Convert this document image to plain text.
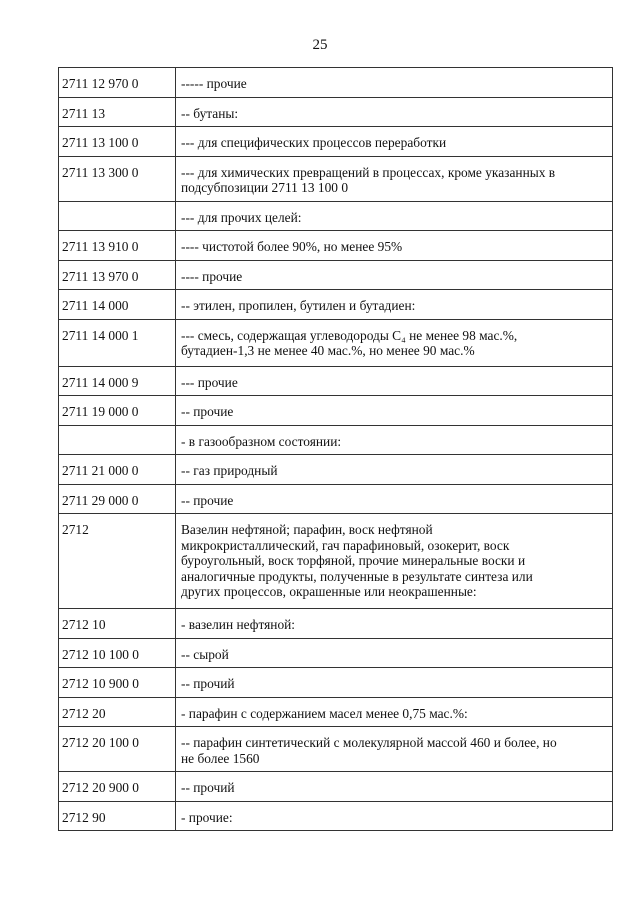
25
2711 12 970 0	----- прочие
2711 13	-- бутаны:
2711 13 100 0	--- для специфических процессов переработки
2711 13 300 0	--- для химических превращений в процессах, кроме указанных в
подсубпозиции 2711 13 100 0
	--- для прочих целей:
2711 13 910 0	---- чистотой более 90%, но менее 95%
2711 13 970 0	---- прочие
2711 14 000	-- этилен, пропилен, бутилен и бутадиен:
2711 14 000 1	--- смесь, содержащая углеводороды C₄ не менее 98 мас.%,
бутадиен-1,3 не менее 40 мас.%, но менее 90 мас.%
2711 14 000 9	--- прочие
2711 19 000 0	-- прочие
	- в газообразном состоянии:
2711 21 000 0	-- газ природный
2711 29 000 0	-- прочие
2712	Вазелин нефтяной; парафин, воск нефтяной
микрокристаллический, гач парафиновый, озокерит, воск
буроугольный, воск торфяной, прочие минеральные воски и
аналогичные продукты, полученные в результате синтеза или
других процессов, окрашенные или неокрашенные:
2712 10	- вазелин нефтяной:
2712 10 100 0	-- сырой
2712 10 900 0	-- прочий
2712 20	- парафин с содержанием масел менее 0,75 мас.%:
2712 20 100 0	-- парафин синтетический с молекулярной массой 460 и более, но
не более 1560
2712 20 900 0	-- прочий
2712 90	- прочие:
